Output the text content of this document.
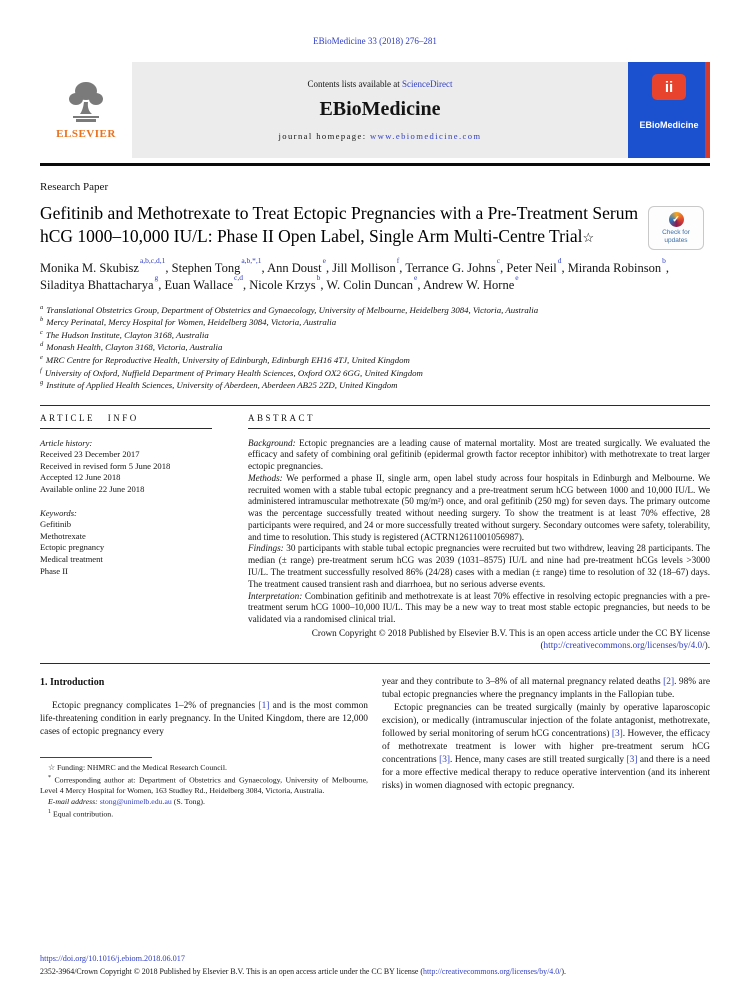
EBioMedicine 33 (2018) 276–281
ELSEVIER
Contents lists available at ScienceDirect
EBioMedicine
journal homepage: www.ebiomedicine.com
ii
EBioMedicine
Research Paper
Gefitinib and Methotrexate to Treat Ectopic Pregnancies with a Pre-Treatment Serum hCG 1000–10,000 IU/L: Phase II Open Label, Single Arm Multi-Centre Trial☆
✓	Check for
updates
Monika M. Skubisz$^{a,b,c,d,1}$, Stephen Tong$^{a,b,*,1}$, Ann Doust$^e$, Jill Mollison$^f$, Terrance G. Johns$^c$, Peter Neil$^d$, Miranda Robinson$^b$, Siladitya Bhattacharya$^g$, Euan Wallace$^{c,d}$, Nicole Krzys$^b$, W. Colin Duncan$^e$, Andrew W. Horne$^e$
$^a$ Translational Obstetrics Group, Department of Obstetrics and Gynaecology, University of Melbourne, Heidelberg 3084, Victoria, Australia
$^b$ Mercy Perinatal, Mercy Hospital for Women, Heidelberg 3084, Victoria, Australia
$^c$ The Hudson Institute, Clayton 3168, Australia
$^d$ Monash Health, Clayton 3168, Victoria, Australia
$^e$ MRC Centre for Reproductive Health, University of Edinburgh, Edinburgh EH16 4TJ, United Kingdom
$^f$ University of Oxford, Nuffield Department of Primary Health Sciences, Oxford OX2 6GG, United Kingdom
$^g$ Institute of Applied Health Sciences, University of Aberdeen, Aberdeen AB25 2ZD, United Kingdom
ARTICLE INFO
Article history:
Received 23 December 2017
Received in revised form 5 June 2018
Accepted 12 June 2018
Available online 22 June 2018
Keywords:
Gefitinib
Methotrexate
Ectopic pregnancy
Medical treatment
Phase II
ABSTRACT

Background: Ectopic pregnancies are a leading cause of maternal mortality. Most are treated surgically. We evaluated the efficacy and safety of combining oral gefitinib (epidermal growth factor receptor inhibitor) with methotrexate to treat larger ectopic pregnancies.

Methods: We performed a phase II, single arm, open label study across four hospitals in Edinburgh and Melbourne. We recruited women with a stable tubal ectopic pregnancy and a pre-treatment serum hCG between 1000 and 10,000 IU/L. We administered intramuscular methotrexate (50 mg/m²) once, and oral gefitinib (250 mg) for seven days. The primary outcome was the percentage successfully treated without needing surgery. To show the treatment is at least 70% effective, 28 participants were required, and 24 or more successfully treated without surgery. Secondary outcomes were safety, tolerability, and time to resolution. This study is registered (ACTRN12611001056987).

Findings: 30 participants with stable tubal ectopic pregnancies were recruited but two withdrew, leaving 28 participants. The median (± range) pre-treatment serum hCG was 2039 (1031–8575) IU/L and nine had pre-treatment hCGs levels >3000 IU/L. The treatment successfully resolved 86% (24/28) cases with a median (± range) time to resolution of 32 (18–67) days. The treatment caused transient rash and diarrhoea, but no serious adverse events.

Interpretation: Combination gefitinib and methotrexate is at least 70% effective in resolving ectopic pregnancies with a pre-treatment serum hCG 1000–10,000 IU/L. This may be a new way to treat most stable ectopic pregnancies, but needs to be validated via a randomised clinical trial.

Crown Copyright © 2018 Published by Elsevier B.V. This is an open access article under the CC BY license
(http://creativecommons.org/licenses/by/4.0/).
1. Introduction

Ectopic pregnancy complicates 1–2% of pregnancies [1] and is the most common life-threatening condition in early pregnancy. In the United Kingdom, there are 12,000 cases of ectopic pregnancy every

☆ Funding: NHMRC and the Medical Research Council.

* Corresponding author at: Department of Obstetrics and Gynaecology, University of Melbourne, Level 4 Mercy Hospital for Women, 163 Studley Rd., Heidelberg 3084, Victoria, Australia.

E-mail address: stong@unimelb.edu.au (S. Tong).

$^1$ Equal contribution.

year and they contribute to 3–8% of all maternal pregnancy related deaths [2]. 98% are tubal ectopic pregnancies where the pregnancy implants in the Fallopian tube.

Ectopic pregnancies can be treated surgically (mainly by operative laparoscopic excision), or medically (intramuscular injection of the folate antagonist, methotrexate, followed by serial monitoring of serum hCG concentrations) [3]. However, the efficacy of methotrexate treatment is lower with higher pre-treatment serum hCG concentrations [3]. Hence, many cases are still treated surgically [3] and there is a need for a more effective medical therapy to reduce operative intervention (and its inherent risks) in women diagnosed with ectopic pregnancy.

https://doi.org/10.1016/j.ebiom.2018.06.017
2352-3964/Crown Copyright © 2018 Published by Elsevier B.V. This is an open access article under the CC BY license (http://creativecommons.org/licenses/by/4.0/).
